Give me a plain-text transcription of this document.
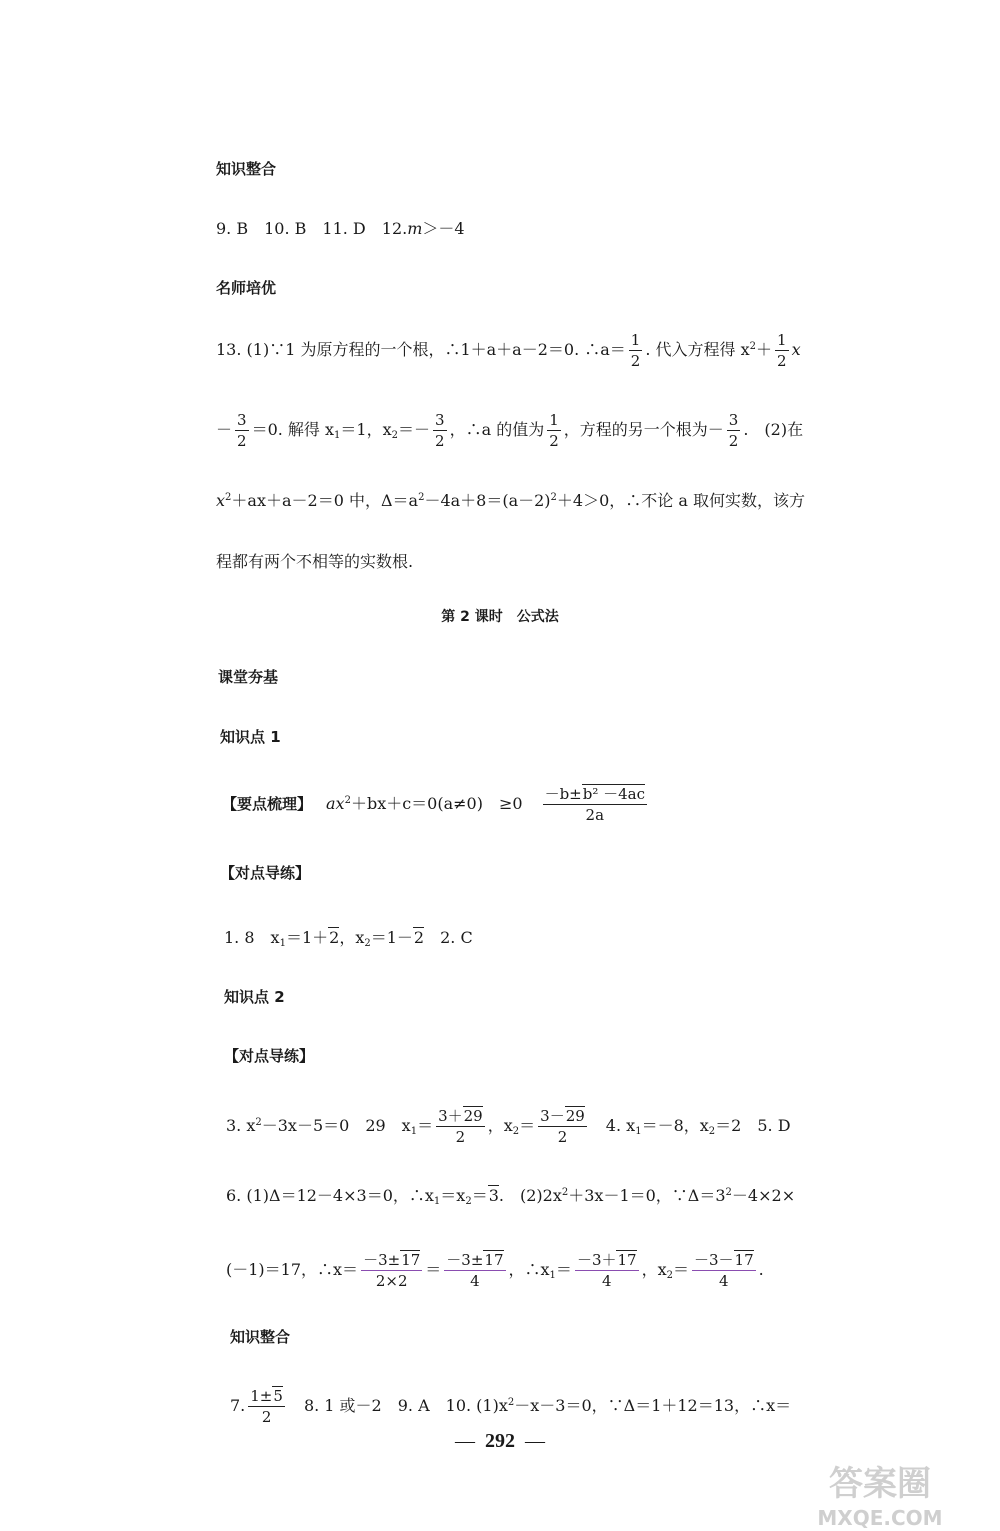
知识整合
9. B　10. B　11. D　12.m＞－4
名师培优
13. (1)∵1 为原方程的一个根，∴1＋a＋a－2＝0. ∴a＝ $\frac{1}{2}$ . 代入方程得 $x^2+ \frac{1}{2}$ x
－ $\frac{3}{2} =0$. 解得 $x_1=1$，$x_2=- \frac{3}{2}$ ，∴a 的值为 $\frac{1}{2}$ ，方程的另一个根为－ $\frac{3}{2}$ .　(2)在
$x^2+ax+a-2=0$ 中，$\Delta=a^2-4a+8=(a-2)^2+4>0$，∴不论 a 取何实数，该方
程都有两个不相等的实数根.
第 2 课时　公式法
课堂夯基
知识点 1
【要点梳理】 $ax^2+bx+c=0(a\ne 0)$　$\ge 0 \frac{\text{－b±b² －4ac}}{2a}$
【对点导练】
1. 8　$x_1=1+2$，$x_2=1-2$　2. C
知识点 2
【对点导练】
3. $x^2-3x-5=0$　29　$x_1= \frac{3+29}{2}$ ，$x_2= \frac{3-29}{2}$ 　4. $x_1=-8$，$x_2=2$　5. D
6. (1)Δ＝12－4×3＝0，$\therefore x_1=x_2=3$.　$(2)2x^2+3x-1=0$，$\because\Delta=3^2-4\times 2\times$
(－1)＝17，∴x＝ $\frac{-3\pm 17}{2\times 2} = \frac{-3\pm 17}{4}$ ，$\therefore x_1= \frac{-3+17}{4}$ ，$x_2= \frac{-3-17}{4}$ .
知识整合
7. $\frac{1\pm 5}{2}$ 　8. 1 或－2　9. A　10. $(1)x^2-x-3=0$，∵Δ＝1＋12＝13，∴x＝
— 292 —
答案圈
MXQE.COM
